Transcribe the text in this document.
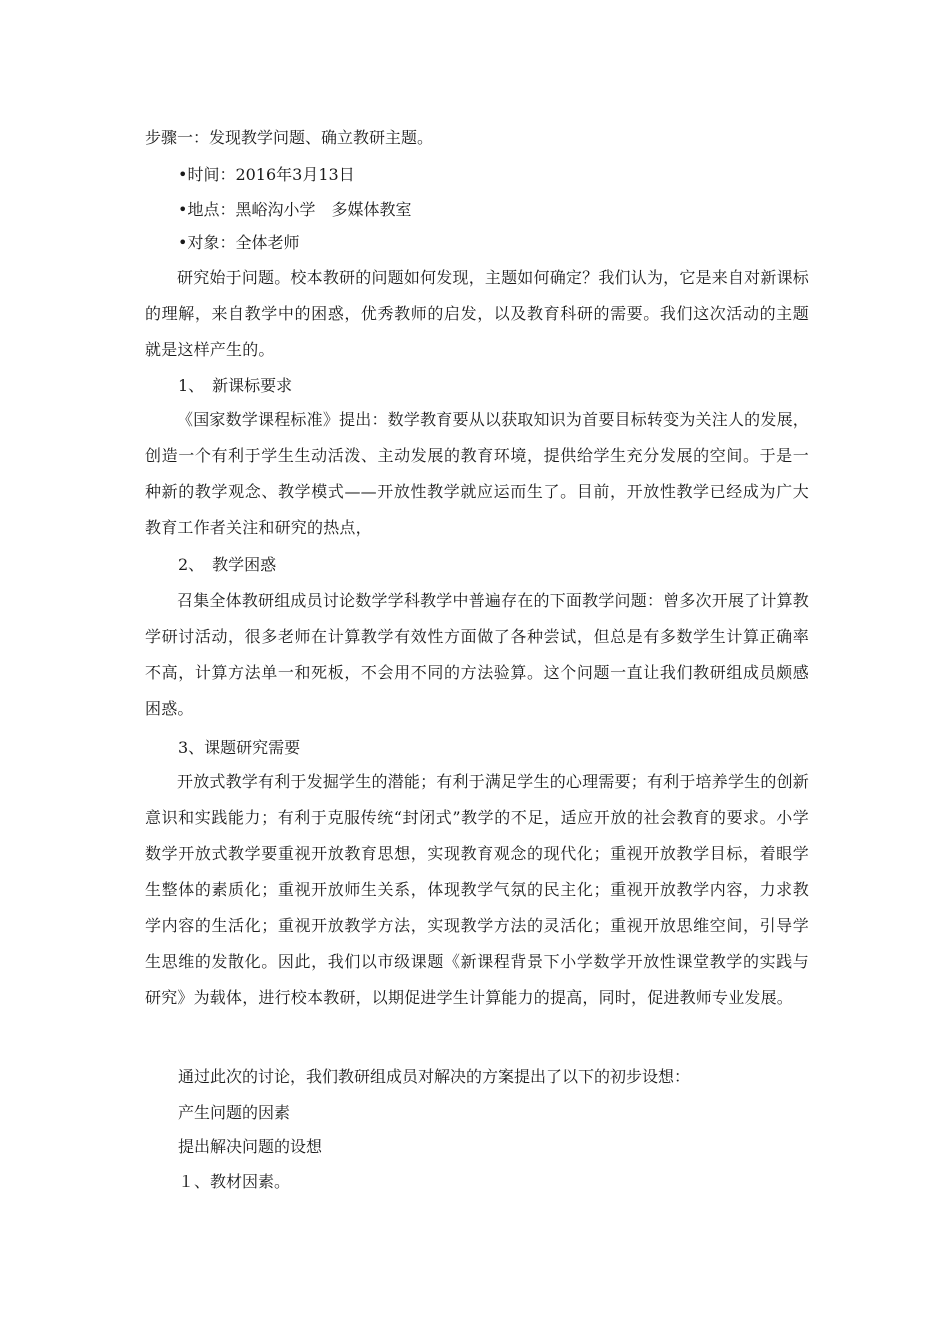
步骤一：发现教学问题、确立教研主题。
•时间：2016年3月13日
•地点：黑峪沟小学　多媒体教室
•对象：全体老师
研究始于问题。校本教研的问题如何发现，主题如何确定？我们认为，它是来自对新课标的理解，来自教学中的困惑，优秀教师的启发，以及教育科研的需要。我们这次活动的主题就是这样产生的。
1、　新课标要求
《国家数学课程标准》提出：数学教育要从以获取知识为首要目标转变为关注人的发展，创造一个有利于学生生动活泼、主动发展的教育环境，提供给学生充分发展的空间。于是一种新的教学观念、教学模式——开放性教学就应运而生了。目前，开放性教学已经成为广大教育工作者关注和研究的热点，
2、　教学困惑
召集全体教研组成员讨论数学学科教学中普遍存在的下面教学问题：曾多次开展了计算教学研讨活动，很多老师在计算教学有效性方面做了各种尝试，但总是有多数学生计算正确率不高，计算方法单一和死板，不会用不同的方法验算。这个问题一直让我们教研组成员颇感困惑。
3、课题研究需要
开放式教学有利于发掘学生的潜能；有利于满足学生的心理需要；有利于培养学生的创新意识和实践能力；有利于克服传统“封闭式”教学的不足，适应开放的社会教育的要求。小学数学开放式教学要重视开放教育思想，实现教育观念的现代化；重视开放教学目标，着眼学生整体的素质化；重视开放师生关系，体现教学气氛的民主化；重视开放教学内容，力求教学内容的生活化；重视开放教学方法，实现教学方法的灵活化；重视开放思维空间，引导学生思维的发散化。因此，我们以市级课题《新课程背景下小学数学开放性课堂教学的实践与研究》为载体，进行校本教研，以期促进学生计算能力的提高，同时，促进教师专业发展。
通过此次的讨论，我们教研组成员对解决的方案提出了以下的初步设想：
产生问题的因素
提出解决问题的设想
１、教材因素。
